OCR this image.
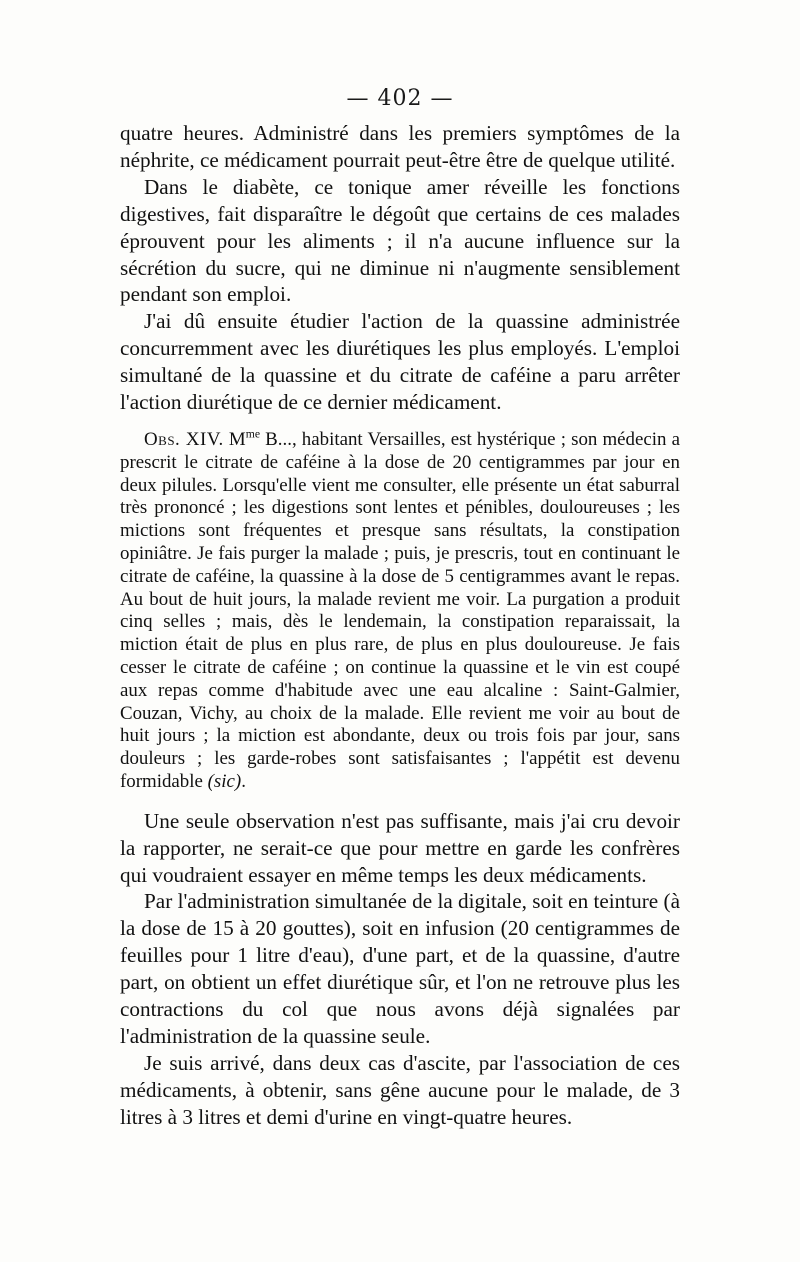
— 402 —

quatre heures. Administré dans les premiers symptômes de la néphrite, ce médicament pourrait peut-être être de quelque utilité.

Dans le diabète, ce tonique amer réveille les fonctions digestives, fait disparaître le dégoût que certains de ces malades éprouvent pour les aliments ; il n'a aucune influence sur la sécrétion du sucre, qui ne diminue ni n'augmente sensiblement pendant son emploi.

J'ai dû ensuite étudier l'action de la quassine administrée concurremment avec les diurétiques les plus employés. L'emploi simultané de la quassine et du citrate de caféine a paru arrêter l'action diurétique de ce dernier médicament.

Obs. XIV. $M^{me}$ B..., habitant Versailles, est hystérique ; son médecin a prescrit le citrate de caféine à la dose de 20 centigrammes par jour en deux pilules. Lorsqu'elle vient me consulter, elle présente un état saburral très prononcé ; les digestions sont lentes et pénibles, douloureuses ; les mictions sont fréquentes et presque sans résultats, la constipation opiniâtre. Je fais purger la malade ; puis, je prescris, tout en continuant le citrate de caféine, la quassine à la dose de 5 centigrammes avant le repas. Au bout de huit jours, la malade revient me voir. La purgation a produit cinq selles ; mais, dès le lendemain, la constipation reparaissait, la miction était de plus en plus rare, de plus en plus douloureuse. Je fais cesser le citrate de caféine ; on continue la quassine et le vin est coupé aux repas comme d'habitude avec une eau alcaline : Saint-Galmier, Couzan, Vichy, au choix de la malade. Elle revient me voir au bout de huit jours ; la miction est abondante, deux ou trois fois par jour, sans douleurs ; les garde-robes sont satisfaisantes ; l'appétit est devenu formidable (sic).

Une seule observation n'est pas suffisante, mais j'ai cru devoir la rapporter, ne serait-ce que pour mettre en garde les confrères qui voudraient essayer en même temps les deux médicaments.

Par l'administration simultanée de la digitale, soit en teinture (à la dose de 15 à 20 gouttes), soit en infusion (20 centigrammes de feuilles pour 1 litre d'eau), d'une part, et de la quassine, d'autre part, on obtient un effet diurétique sûr, et l'on ne retrouve plus les contractions du col que nous avons déjà signalées par l'administration de la quassine seule.

Je suis arrivé, dans deux cas d'ascite, par l'association de ces médicaments, à obtenir, sans gêne aucune pour le malade, de 3 litres à 3 litres et demi d'urine en vingt-quatre heures.
